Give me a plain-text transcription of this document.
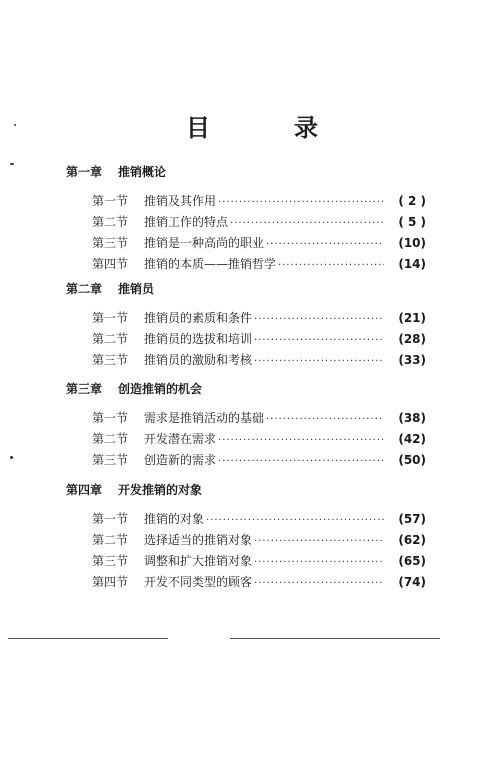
目　录
第一章 推销概论
第一节	推销及其作用 ·····	( 2 )
第二节	推销工作的特点 ·····	( 5 )
第三节	推销是一种高尚的职业 ·····	(10)
第四节	推销的本质——推销哲学 ·····	(14)
第二章 推销员
第一节	推销员的素质和条件 ·····	(21)
第二节	推销员的选拔和培训 ·····	(28)
第三节	推销员的激励和考核 ·····	(33)
第三章 创造推销的机会
第一节	需求是推销活动的基础 ·····	(38)
第二节	开发潜在需求 ·····	(42)
第三节	创造新的需求 ·····	(50)
第四章 开发推销的对象
第一节	推销的对象 ·····	(57)
第二节	选择适当的推销对象 ·····	(62)
第三节	调整和扩大推销对象 ·····	(65)
第四节	开发不同类型的顾客 ·····	(74)
